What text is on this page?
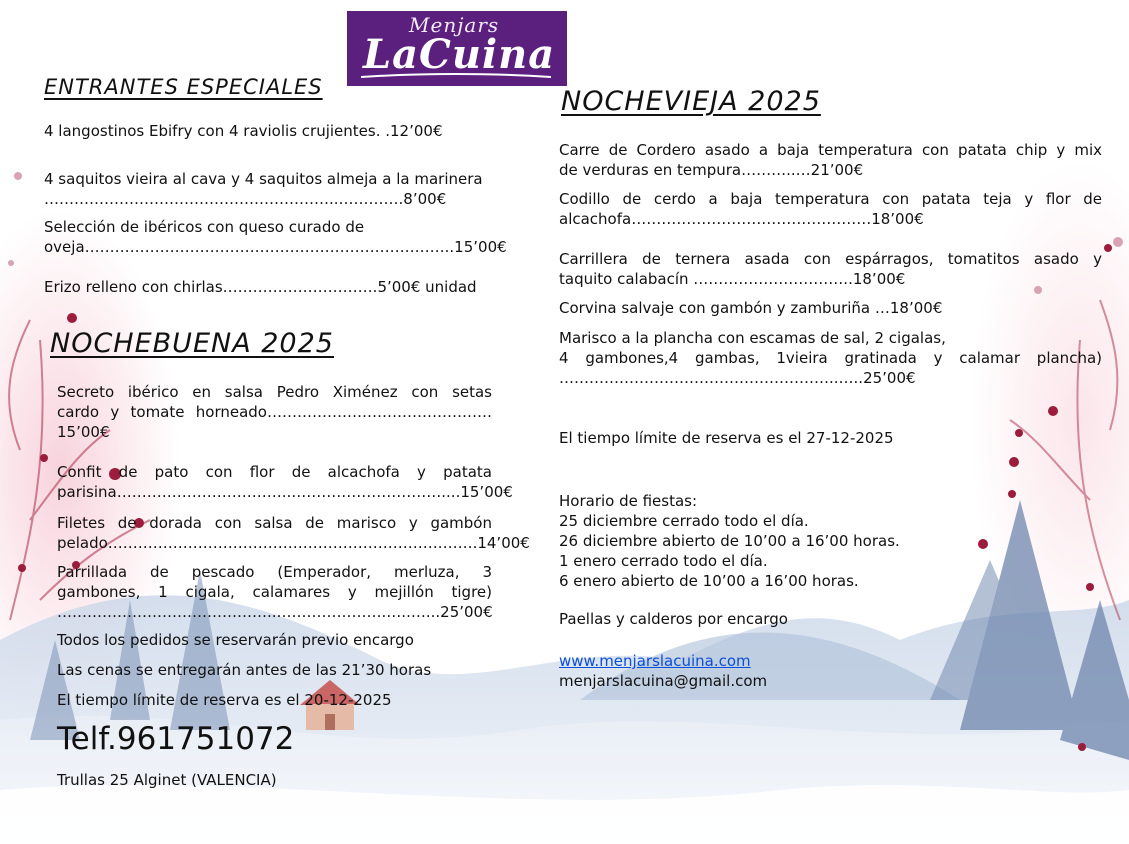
Menjars
LaCuina
ENTRANTES ESPECIALES
4 langostinos Ebifry con 4 raviolis crujientes. .12’00€
4 saquitos vieira al cava y 4 saquitos almeja a la marinera
…………………………………………………..………….8’00€
Selección de ibéricos con queso curado de
oveja………………………………………………………………..15’00€
Erizo relleno con chirlas………………………….5’00€ unidad
NOCHEBUENA 2025
Secreto ibérico en salsa Pedro Ximénez con setas
cardo y tomate horneado………………………………………
15’00€
Confit de pato con flor de alcachofa y patata
parisina……………………………..…………………………....15’00€
Filetes de dorada con salsa de marisco y gambón
pelado………………………………………………………….…….14’00€
Parrillada de pescado (Emperador, merluza, 3
gambones, 1 cigala, calamares y mejillón tigre)
……………………………………..………………….…..…...25’00€
Todos los pedidos se reservarán previo encargo
Las cenas se entregarán antes de las 21’30 horas
El tiempo límite de reserva es el 20-12-2025
Telf.961751072
Trullas 25 Alginet (VALENCIA)
NOCHEVIEJA 2025
Carre de Cordero asado a baja temperatura con patata chip y mix
de verduras en tempura………..…21’00€
Codillo de cerdo a baja temperatura con patata teja y flor de
alcachofa…………………………………………18’00€
Carrillera de ternera asada con espárragos, tomatitos asado y
taquito calabacín …………………………..18’00€
Corvina salvaje con gambón y zamburiña …18’00€
Marisco a la plancha con escamas de sal, 2 cigalas,
4 gambones,4 gambas, 1vieira gratinada y calamar plancha)
………………………………………………..…..25’00€
El tiempo límite de reserva es el 27-12-2025
Horario de fiestas:
25 diciembre cerrado todo el día.
26 diciembre abierto de 10’00 a 16’00 horas.
1 enero cerrado todo el día.
6 enero abierto de 10’00 a 16’00 horas.
Paellas y calderos por encargo
www.menjarslacuina.com
menjarslacuina@gmail.com
